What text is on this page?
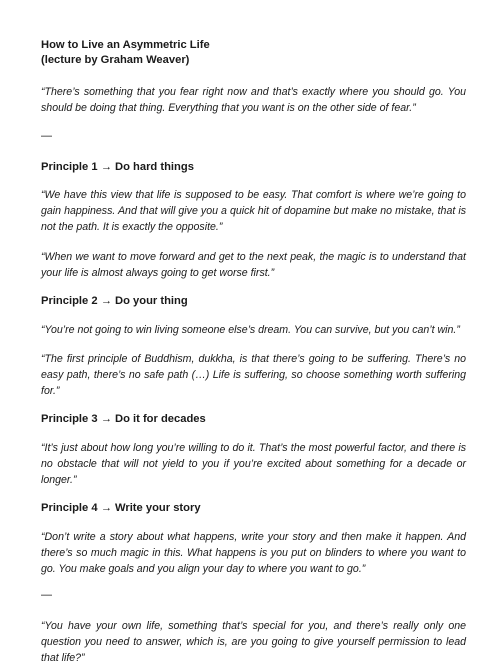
How to Live an Asymmetric Life

(lecture by Graham Weaver)

“There’s something that you fear right now and that’s exactly where you should go. You should be doing that thing. Everything that you want is on the other side of fear.”

—

Principle 1 → Do hard things

“We have this view that life is supposed to be easy. That comfort is where we’re going to gain happiness. And that will give you a quick hit of dopamine but make no mistake, that is not the path. It is exactly the opposite.”

“When we want to move forward and get to the next peak, the magic is to understand that your life is almost always going to get worse first.”

Principle 2 → Do your thing

“You’re not going to win living someone else’s dream. You can survive, but you can’t win.”

“The first principle of Buddhism, dukkha, is that there’s going to be suffering. There’s no easy path, there’s no safe path (…) Life is suffering, so choose something worth suffering for.”

Principle 3 → Do it for decades

“It’s just about how long you’re willing to do it. That’s the most powerful factor, and there is no obstacle that will not yield to you if you’re excited about something for a decade or longer.”

Principle 4 → Write your story

“Don’t write a story about what happens, write your story and then make it happen. And there’s so much magic in this. What happens is you put on blinders to where you want to go. You make goals and you align your day to where you want to go.”

—

“You have your own life, something that’s special for you, and there’s really only one question you need to answer, which is, are you going to give yourself permission to lead that life?”
